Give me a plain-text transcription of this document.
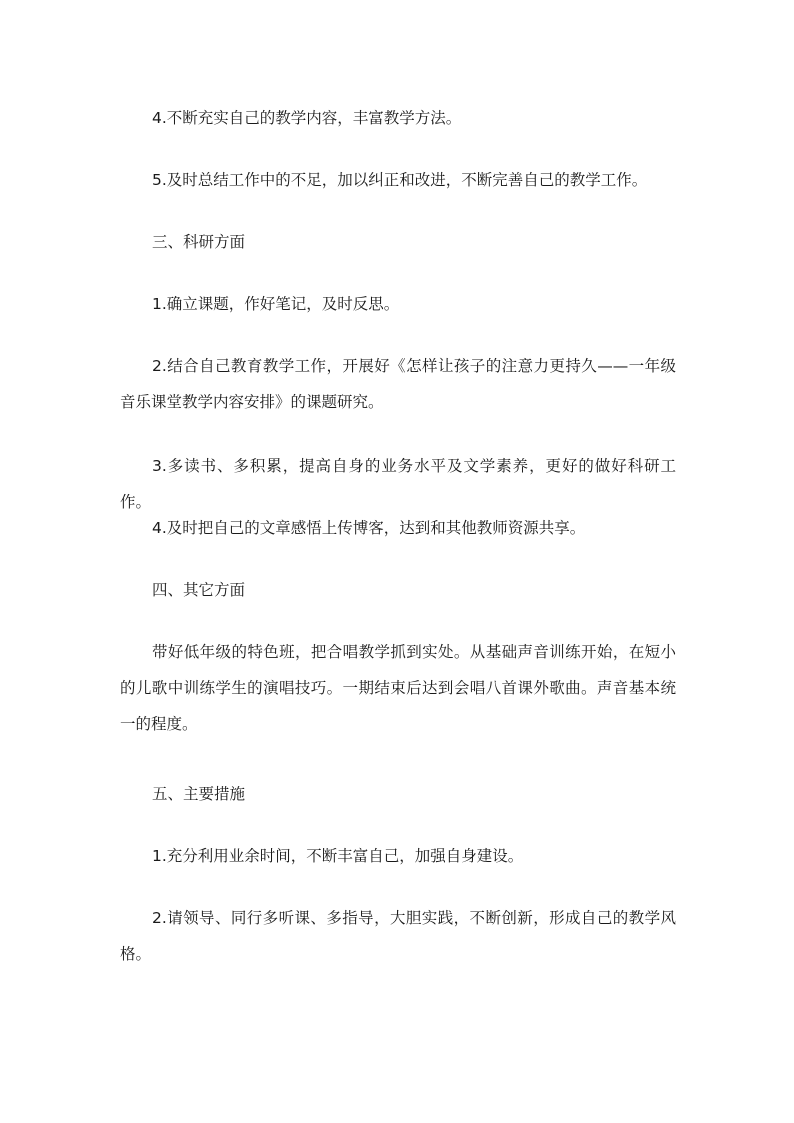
4.不断充实自己的教学内容，丰富教学方法。

5.及时总结工作中的不足，加以纠正和改进，不断完善自己的教学工作。

三、科研方面

1.确立课题，作好笔记，及时反思。

2.结合自己教育教学工作，开展好《怎样让孩子的注意力更持久——一年级音乐课堂教学内容安排》的课题研究。

3.多读书、多积累，提高自身的业务水平及文学素养，更好的做好科研工作。

4.及时把自己的文章感悟上传博客，达到和其他教师资源共享。

四、其它方面

带好低年级的特色班，把合唱教学抓到实处。从基础声音训练开始，在短小的儿歌中训练学生的演唱技巧。一期结束后达到会唱八首课外歌曲。声音基本统一的程度。

五、主要措施

1.充分利用业余时间，不断丰富自己，加强自身建设。

2.请领导、同行多听课、多指导，大胆实践，不断创新，形成自己的教学风格。
